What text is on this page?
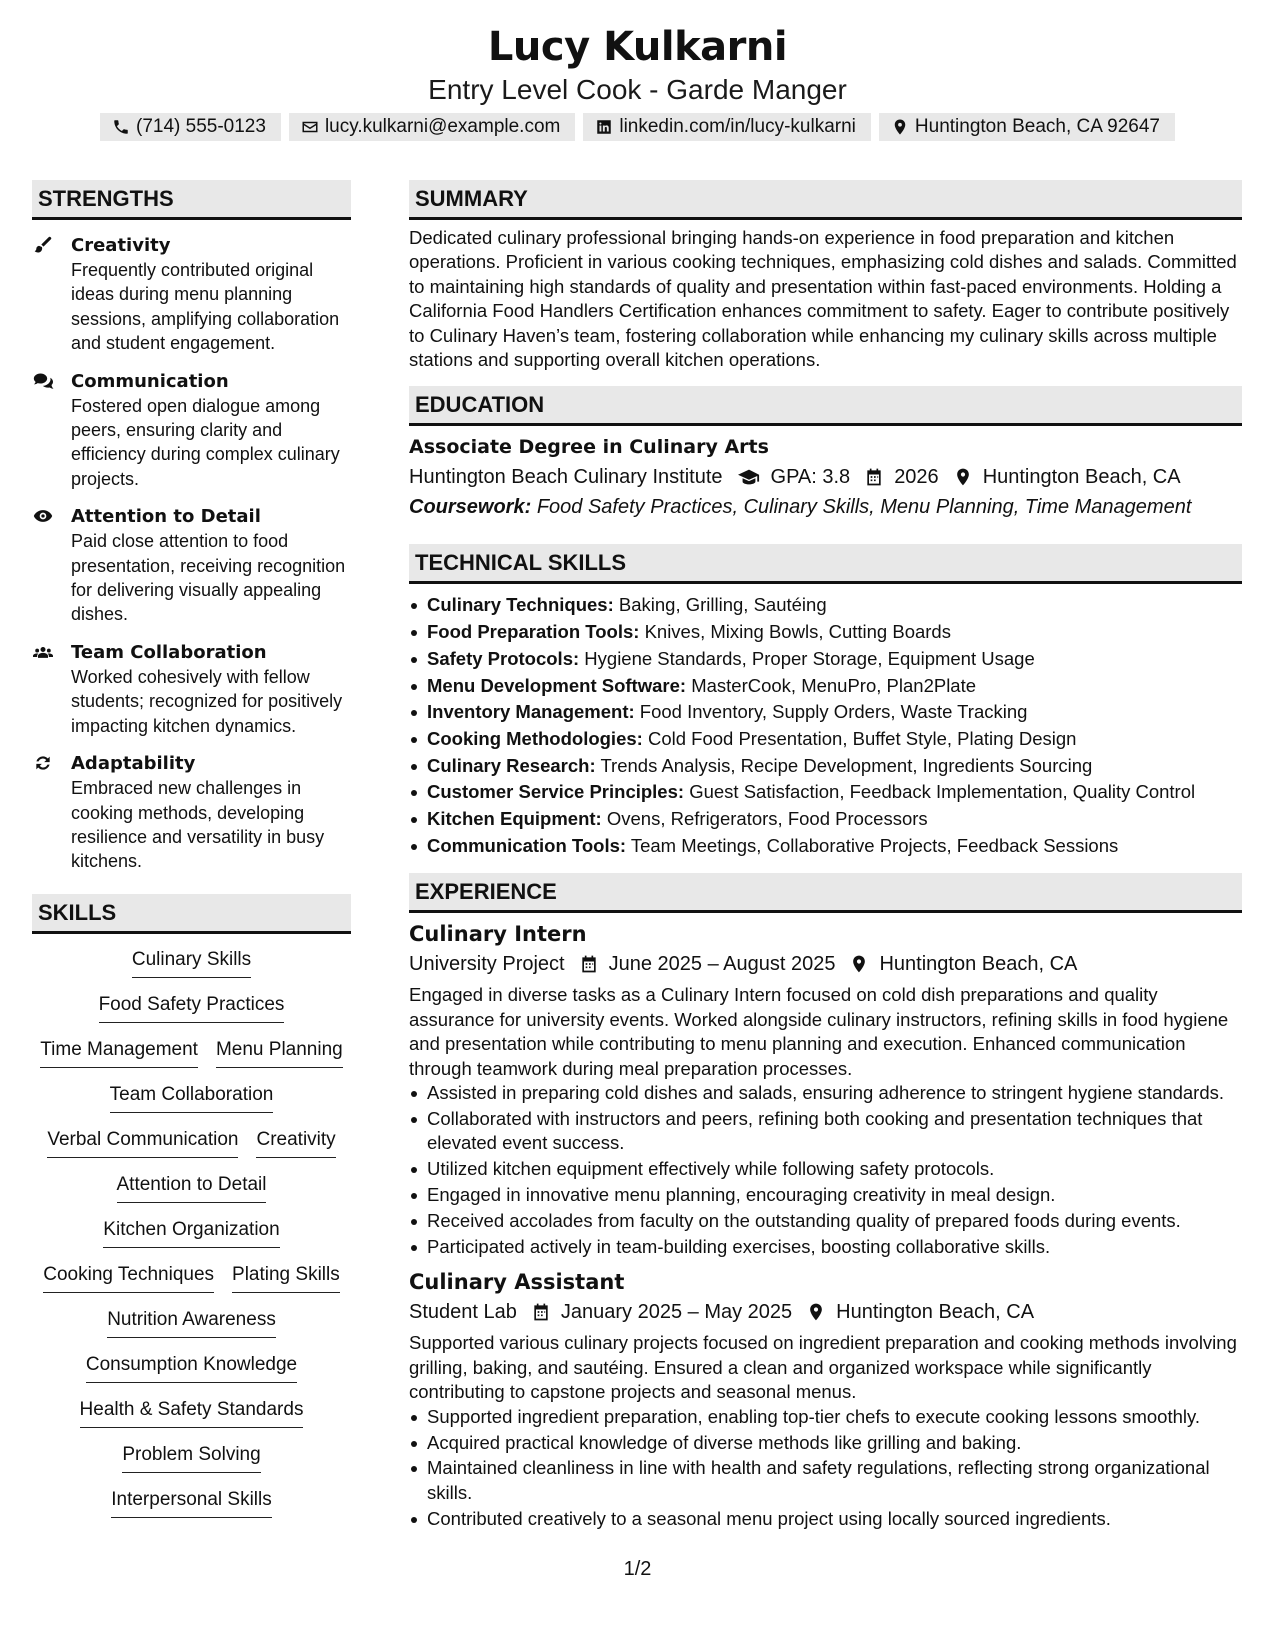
Lucy Kulkarni
Entry Level Cook - Garde Manger
(714) 555-0123	lucy.kulkarni@example.com	linkedin.com/in/lucy-kulkarni	Huntington Beach, CA 92647
STRENGTHS
Creativity
Frequently contributed original ideas during menu planning sessions, amplifying collaboration and student engagement.
Communication
Fostered open dialogue among peers, ensuring clarity and efficiency during complex culinary projects.
Attention to Detail
Paid close attention to food presentation, receiving recognition for delivering visually appealing dishes.
Team Collaboration
Worked cohesively with fellow students; recognized for positively impacting kitchen dynamics.
Adaptability
Embraced new challenges in cooking methods, developing resilience and versatility in busy kitchens.
SKILLS
Culinary Skills
Food Safety Practices
Time Management Menu Planning
Team Collaboration
Verbal Communication Creativity
Attention to Detail
Kitchen Organization
Cooking Techniques Plating Skills
Nutrition Awareness
Consumption Knowledge
Health & Safety Standards
Problem Solving
Interpersonal Skills
SUMMARY
Dedicated culinary professional bringing hands-on experience in food preparation and kitchen operations. Proficient in various cooking techniques, emphasizing cold dishes and salads. Committed to maintaining high standards of quality and presentation within fast-paced environments. Holding a California Food Handlers Certification enhances commitment to safety. Eager to contribute positively to Culinary Haven’s team, fostering collaboration while enhancing my culinary skills across multiple stations and supporting overall kitchen operations.
EDUCATION
Associate Degree in Culinary Arts
Huntington Beach Culinary Institute GPA: 3.8 2026 Huntington Beach, CA
Coursework: Food Safety Practices, Culinary Skills, Menu Planning, Time Management
TECHNICAL SKILLS
Culinary Techniques: Baking, Grilling, Sautéing
Food Preparation Tools: Knives, Mixing Bowls, Cutting Boards
Safety Protocols: Hygiene Standards, Proper Storage, Equipment Usage
Menu Development Software: MasterCook, MenuPro, Plan2Plate
Inventory Management: Food Inventory, Supply Orders, Waste Tracking
Cooking Methodologies: Cold Food Presentation, Buffet Style, Plating Design
Culinary Research: Trends Analysis, Recipe Development, Ingredients Sourcing
Customer Service Principles: Guest Satisfaction, Feedback Implementation, Quality Control
Kitchen Equipment: Ovens, Refrigerators, Food Processors
Communication Tools: Team Meetings, Collaborative Projects, Feedback Sessions
EXPERIENCE
Culinary Intern
University Project June 2025 – August 2025 Huntington Beach, CA
Engaged in diverse tasks as a Culinary Intern focused on cold dish preparations and quality assurance for university events. Worked alongside culinary instructors, refining skills in food hygiene and presentation while contributing to menu planning and execution. Enhanced communication through teamwork during meal preparation processes.
Assisted in preparing cold dishes and salads, ensuring adherence to stringent hygiene standards.
Collaborated with instructors and peers, refining both cooking and presentation techniques that elevated event success.
Utilized kitchen equipment effectively while following safety protocols.
Engaged in innovative menu planning, encouraging creativity in meal design.
Received accolades from faculty on the outstanding quality of prepared foods during events.
Participated actively in team-building exercises, boosting collaborative skills.
Culinary Assistant
Student Lab January 2025 – May 2025 Huntington Beach, CA
Supported various culinary projects focused on ingredient preparation and cooking methods involving grilling, baking, and sautéing. Ensured a clean and organized workspace while significantly contributing to capstone projects and seasonal menus.
Supported ingredient preparation, enabling top-tier chefs to execute cooking lessons smoothly.
Acquired practical knowledge of diverse methods like grilling and baking.
Maintained cleanliness in line with health and safety regulations, reflecting strong organizational skills.
Contributed creatively to a seasonal menu project using locally sourced ingredients.
1/2
